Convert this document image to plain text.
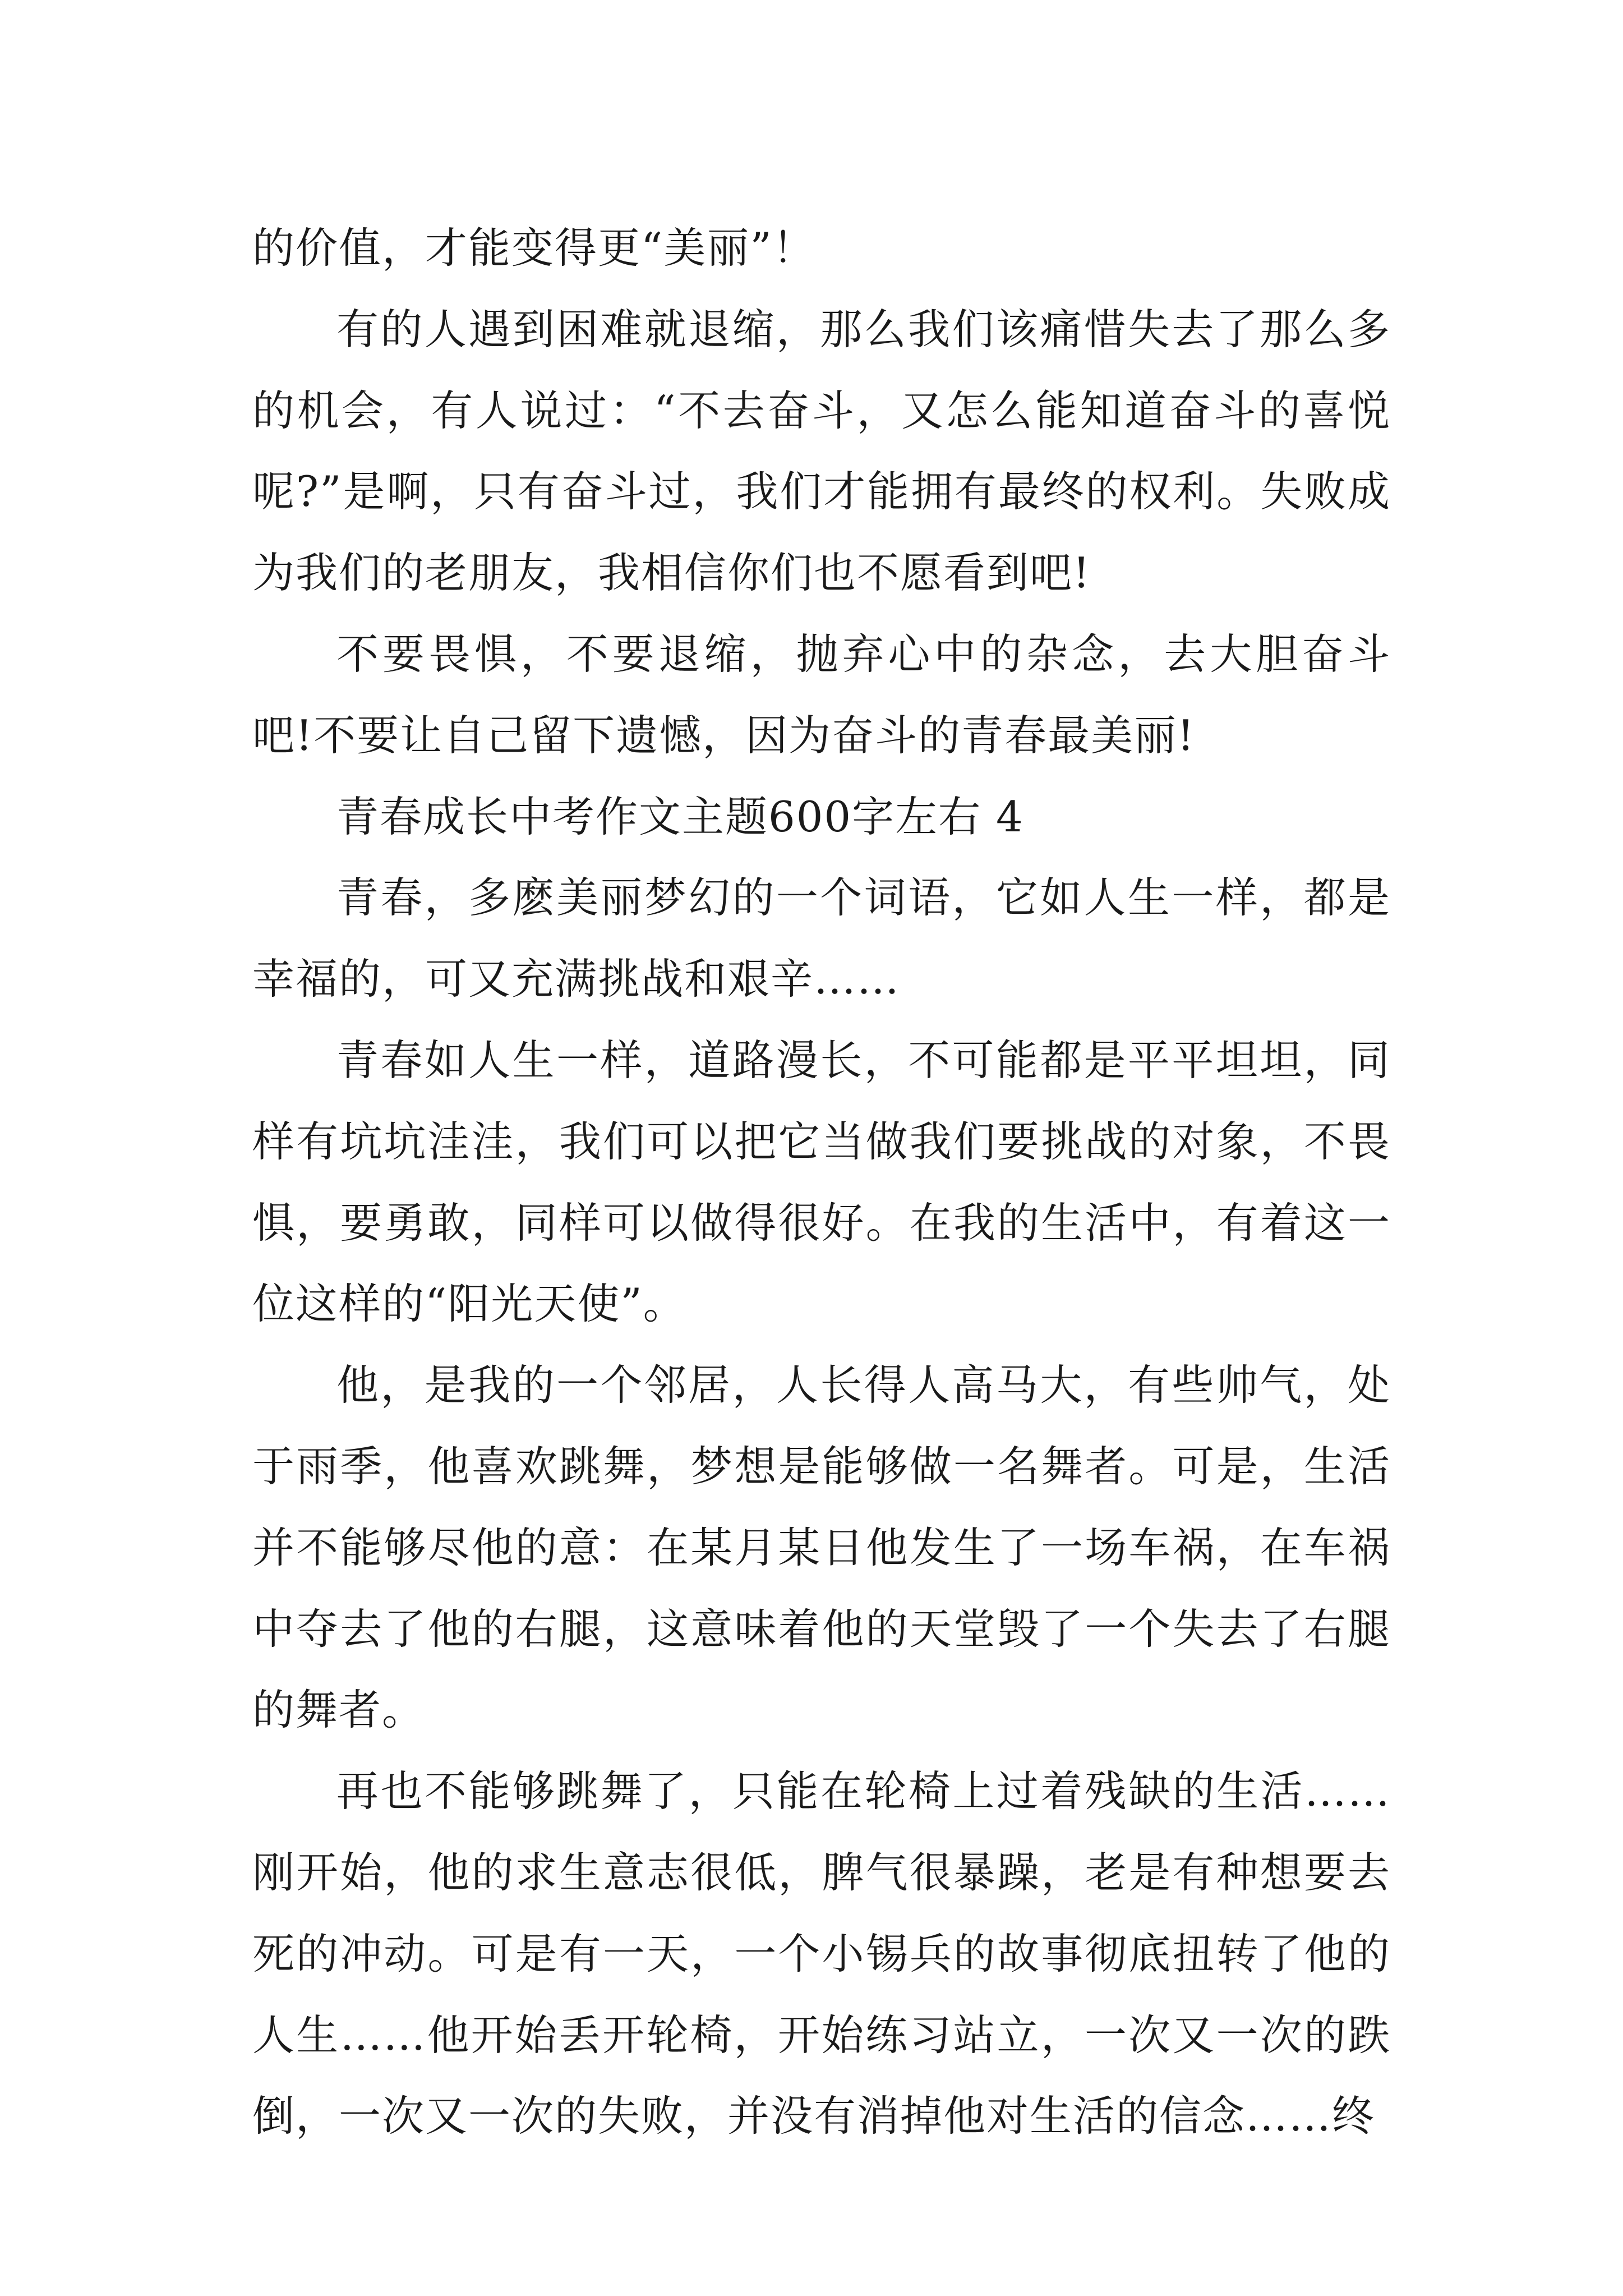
的价值，才能变得更“美丽”！

有的人遇到困难就退缩，那么我们该痛惜失去了那么多的机会，有人说过：“不去奋斗，又怎么能知道奋斗的喜悦呢?”是啊，只有奋斗过，我们才能拥有最终的权利。失败成为我们的老朋友，我相信你们也不愿看到吧!

不要畏惧，不要退缩，抛弃心中的杂念，去大胆奋斗吧!不要让自己留下遗憾，因为奋斗的青春最美丽!

青春成长中考作文主题600字左右 4

青春，多麽美丽梦幻的一个词语，它如人生一样，都是幸福的，可又充满挑战和艰辛……

青春如人生一样，道路漫长，不可能都是平平坦坦，同样有坑坑洼洼，我们可以把它当做我们要挑战的对象，不畏惧，要勇敢，同样可以做得很好。在我的生活中，有着这一位这样的“阳光天使”。

他，是我的一个邻居，人长得人高马大，有些帅气，处于雨季，他喜欢跳舞，梦想是能够做一名舞者。可是，生活并不能够尽他的意：在某月某日他发生了一场车祸，在车祸中夺去了他的右腿，这意味着他的天堂毁了一个失去了右腿的舞者。

再也不能够跳舞了，只能在轮椅上过着残缺的生活……刚开始，他的求生意志很低，脾气很暴躁，老是有种想要去死的冲动。可是有一天，一个小锡兵的故事彻底扭转了他的人生……他开始丢开轮椅，开始练习站立，一次又一次的跌倒，一次又一次的失败，并没有消掉他对生活的信念……终
